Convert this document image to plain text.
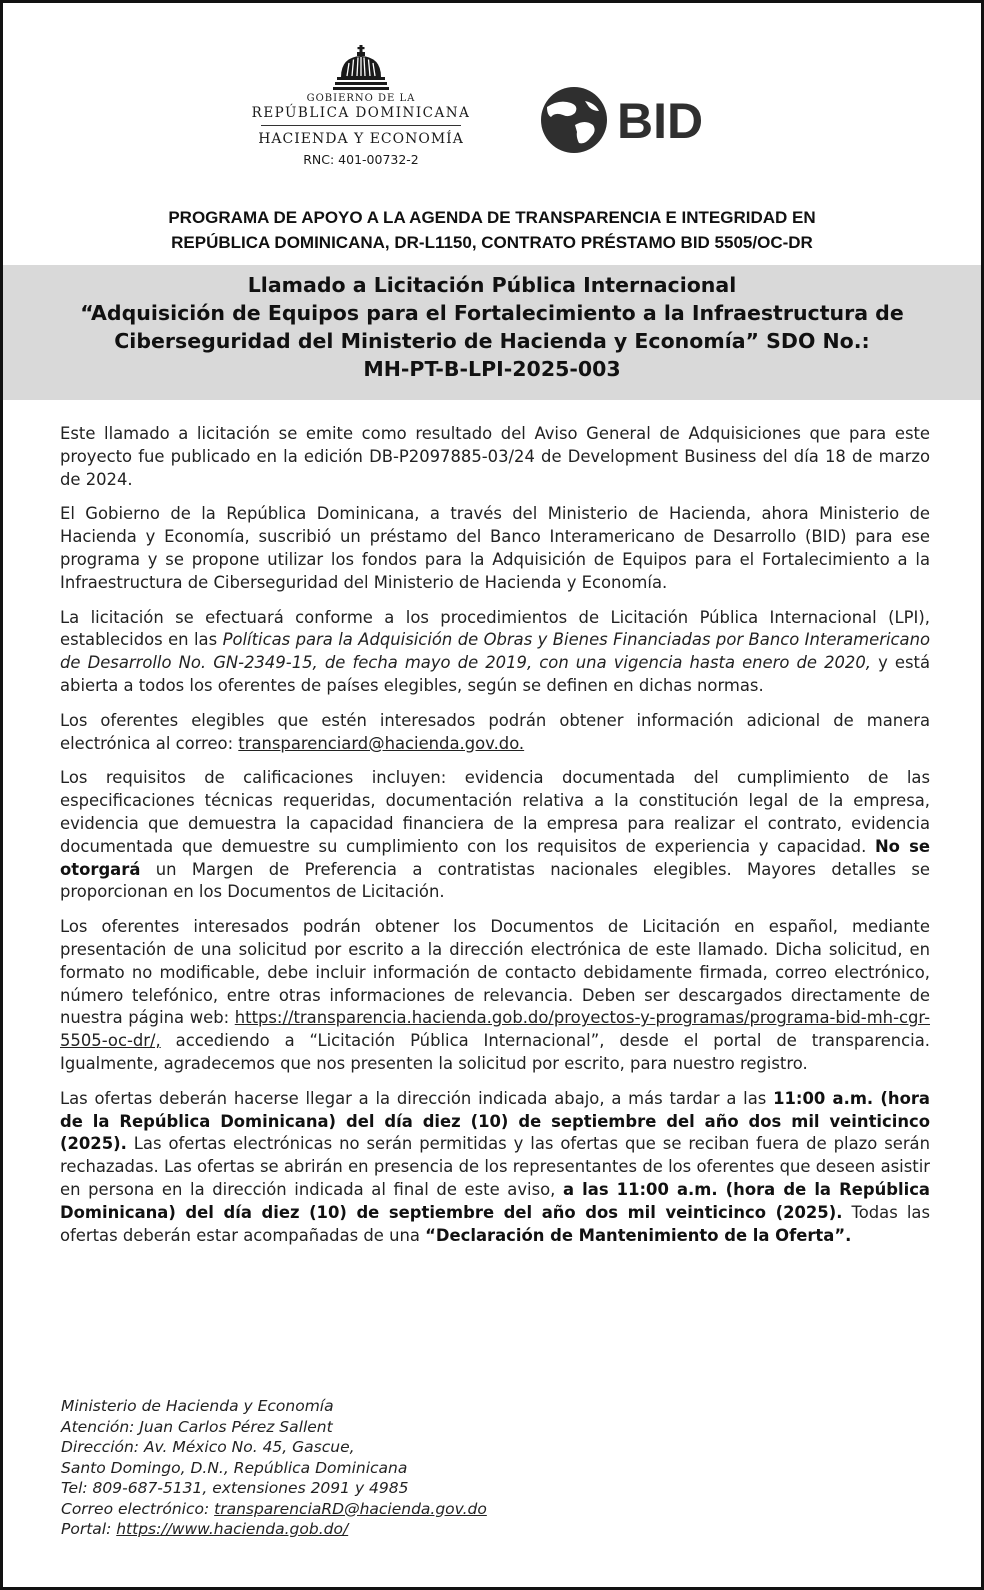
GOBIERNO DE LA
REPÚBLICA DOMINICANA
HACIENDA Y ECONOMÍA
RNC: 401-00732-2
BID
PROGRAMA DE APOYO A LA AGENDA DE TRANSPARENCIA E INTEGRIDAD EN
REPÚBLICA DOMINICANA, DR-L1150, CONTRATO PRÉSTAMO BID 5505/OC-DR
Llamado a Licitación Pública Internacional
“Adquisición de Equipos para el Fortalecimiento a la Infraestructura de
Ciberseguridad del Ministerio de Hacienda y Economía” SDO No.:
MH-PT-B-LPI-2025-003

Este llamado a licitación se emite como resultado del Aviso General de Adquisiciones que para este proyecto fue publicado en la edición DB-P2097885-03/24 de Development Business del día 18 de marzo de 2024.

El Gobierno de la República Dominicana, a través del Ministerio de Hacienda, ahora Ministerio de Hacienda y Economía, suscribió un préstamo del Banco Interamericano de Desarrollo (BID) para ese programa y se propone utilizar los fondos para la Adquisición de Equipos para el Fortalecimiento a la Infraestructura de Ciberseguridad del Ministerio de Hacienda y Economía.

La licitación se efectuará conforme a los procedimientos de Licitación Pública Internacional (LPI), establecidos en las Políticas para la Adquisición de Obras y Bienes Financiadas por Banco Interamericano de Desarrollo No. GN-2349-15, de fecha mayo de 2019, con una vigencia hasta enero de 2020, y está abierta a todos los oferentes de países elegibles, según se definen en dichas normas.

Los oferentes elegibles que estén interesados podrán obtener información adicional de manera electrónica al correo: transparenciard@hacienda.gov.do.

Los requisitos de calificaciones incluyen: evidencia documentada del cumplimiento de las especificaciones técnicas requeridas, documentación relativa a la constitución legal de la empresa, evidencia que demuestra la capacidad financiera de la empresa para realizar el contrato, evidencia documentada que demuestre su cumplimiento con los requisitos de experiencia y capacidad. No se otorgará un Margen de Preferencia a contratistas nacionales elegibles. Mayores detalles se proporcionan en los Documentos de Licitación.

Los oferentes interesados podrán obtener los Documentos de Licitación en español, mediante presentación de una solicitud por escrito a la dirección electrónica de este llamado. Dicha solicitud, en formato no modificable, debe incluir información de contacto debidamente firmada, correo electrónico, número telefónico, entre otras informaciones de relevancia. Deben ser descargados directamente de nuestra página web: https://transparencia.hacienda.gob.do/proyectos-y-programas/programa-bid-mh-cgr-5505-oc-dr/, accediendo a “Licitación Pública Internacional”, desde el portal de transparencia. Igualmente, agradecemos que nos presenten la solicitud por escrito, para nuestro registro.

Las ofertas deberán hacerse llegar a la dirección indicada abajo, a más tardar a las 11:00 a.m. (hora de la República Dominicana) del día diez (10) de septiembre del año dos mil veinticinco (2025). Las ofertas electrónicas no serán permitidas y las ofertas que se reciban fuera de plazo serán rechazadas. Las ofertas se abrirán en presencia de los representantes de los oferentes que deseen asistir en persona en la dirección indicada al final de este aviso, a las 11:00 a.m. (hora de la República Dominicana) del día diez (10) de septiembre del año dos mil veinticinco (2025). Todas las ofertas deberán estar acompañadas de una “Declaración de Mantenimiento de la Oferta”.

Ministerio de Hacienda y Economía
Atención: Juan Carlos Pérez Sallent
Dirección: Av. México No. 45, Gascue,
Santo Domingo, D.N., República Dominicana
Tel: 809-687-5131, extensiones 2091 y 4985
Correo electrónico: transparenciaRD@hacienda.gov.do
Portal: https://www.hacienda.gob.do/
